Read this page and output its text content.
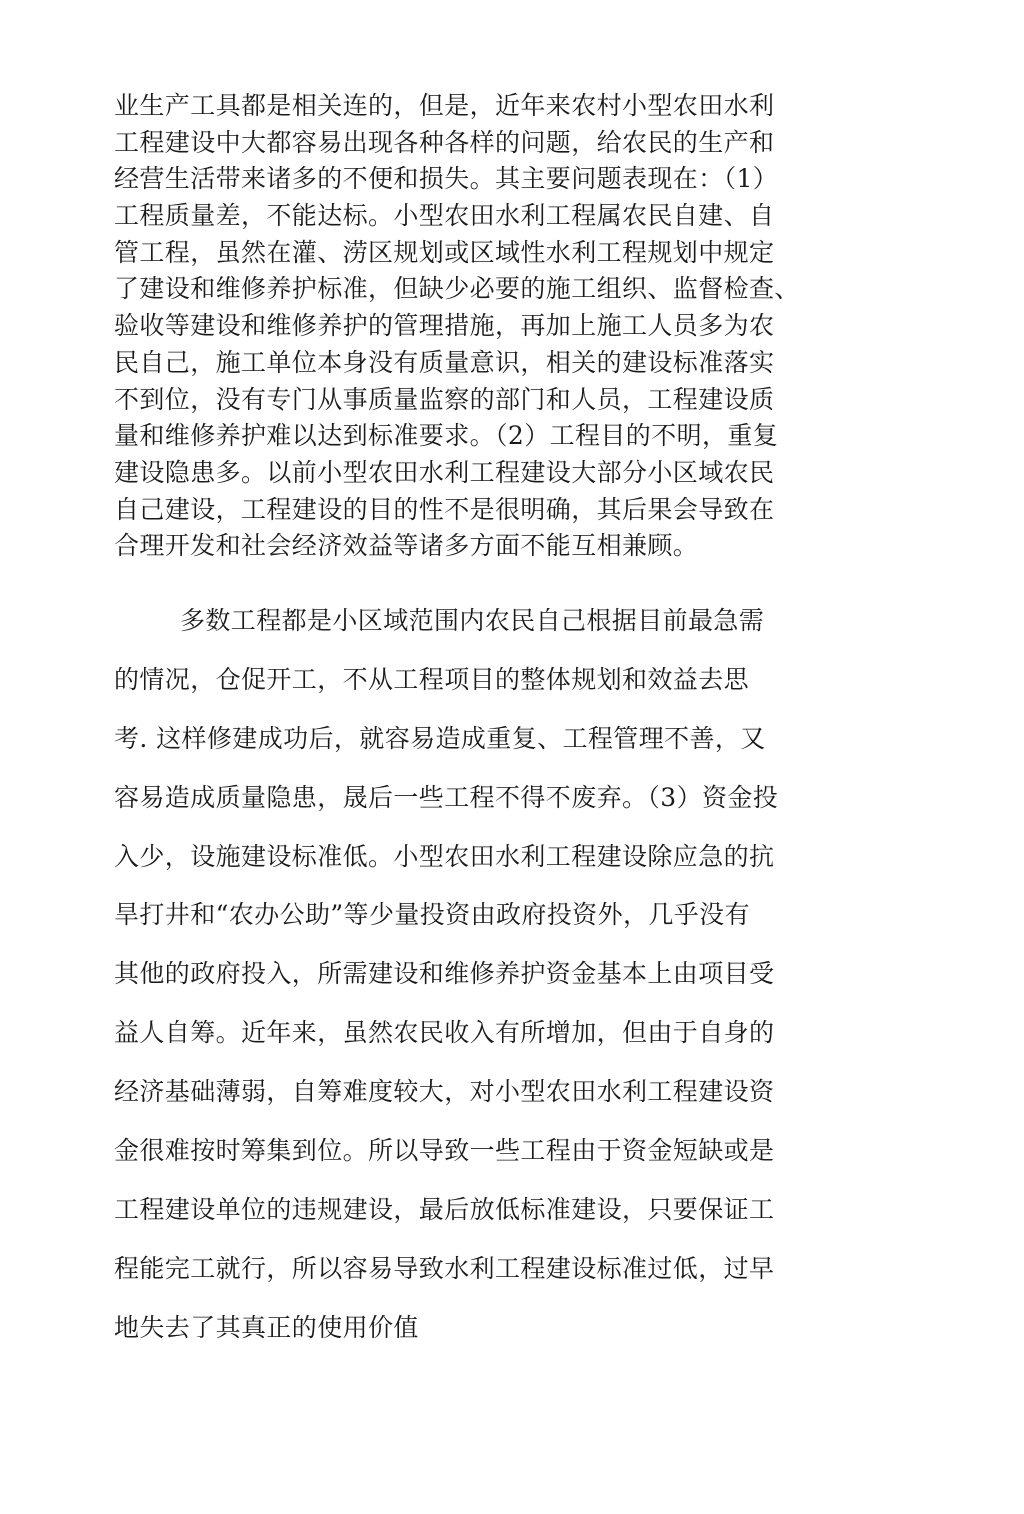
业生产工具都是相关连的，但是，近年来农村小型农田水利
工程建设中大都容易出现各种各样的问题，给农民的生产和
经营生活带来诸多的不便和损失。其主要问题表现在：（1）
工程质量差，不能达标。小型农田水利工程属农民自建、自
管工程，虽然在灌、涝区规划或区域性水利工程规划中规定
了建设和维修养护标准，但缺少必要的施工组织、监督检查、
验收等建设和维修养护的管理措施，再加上施工人员多为农
民自己，施工单位本身没有质量意识，相关的建设标准落实
不到位，没有专门从事质量监察的部门和人员，工程建设质
量和维修养护难以达到标准要求。（2）工程目的不明，重复
建设隐患多。以前小型农田水利工程建设大部分小区域农民
自己建设，工程建设的目的性不是很明确，其后果会导致在
合理开发和社会经济效益等诸多方面不能互相兼顾。
多数工程都是小区域范围内农民自己根据目前最急需
的情况，仓促开工，不从工程项目的整体规划和效益去思
考. 这样修建成功后，就容易造成重复、工程管理不善，又
容易造成质量隐患，晟后一些工程不得不废弃。（3）资金投
入少，设施建设标准低。小型农田水利工程建设除应急的抗
旱打井和“农办公助”等少量投资由政府投资外，几乎没有
其他的政府投入，所需建设和维修养护资金基本上由项目受
益人自筹。近年来，虽然农民收入有所增加，但由于自身的
经济基础薄弱，自筹难度较大，对小型农田水利工程建设资
金很难按时筹集到位。所以导致一些工程由于资金短缺或是
工程建设单位的违规建设，最后放低标准建设，只要保证工
程能完工就行，所以容易导致水利工程建设标准过低，过早
地失去了其真正的使用价值
